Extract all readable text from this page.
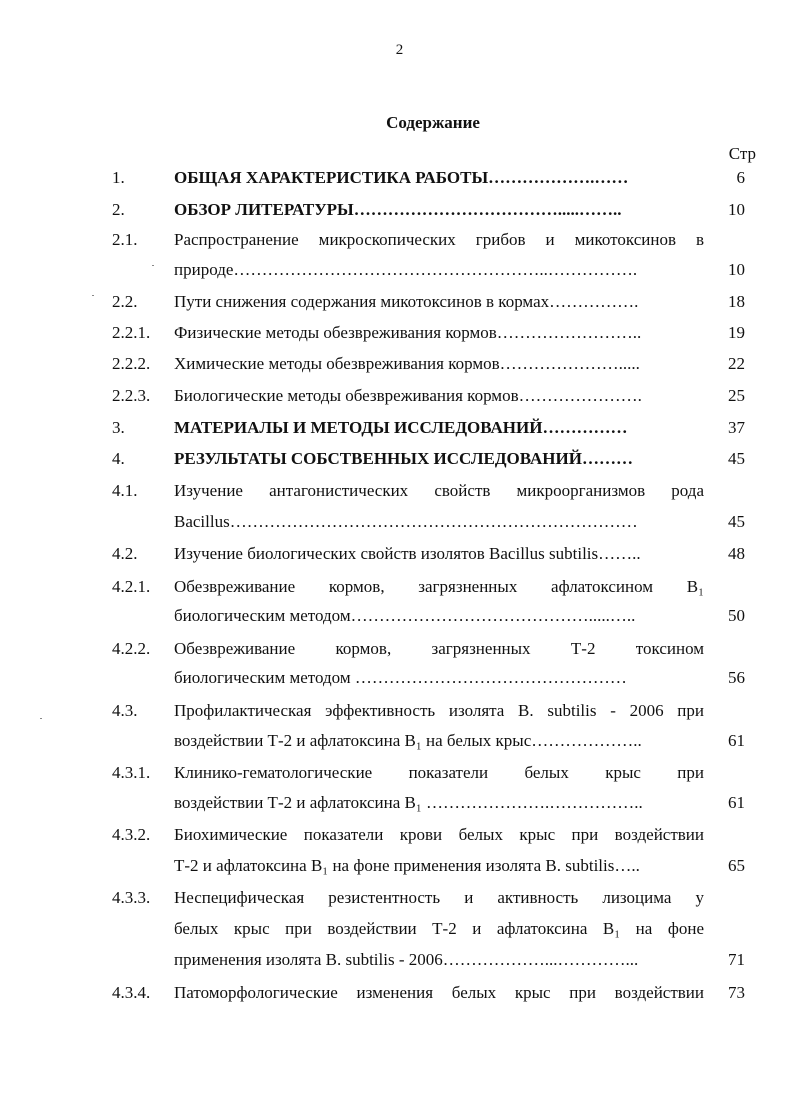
2
Содержание
Стр
1.	ОБЩАЯ ХАРАКТЕРИСТИКА РАБОТЫ……………….……	6
2.	ОБЗОР ЛИТЕРАТУРЫ……………………………….....……..	10
2.1. Распространение микроскопических грибов и микотоксинов в
природе………………………………………………..…………….	10
2.2. Пути снижения содержания микотоксинов в кормах…………….	18
2.2.1. Физические методы обезвреживания кормов……………………..	19
2.2.2. Химические методы обезвреживания кормов………………….....	22
2.2.3. Биологические методы обезвреживания кормов………………….	25
3.	МАТЕРИАЛЫ И МЕТОДЫ ИССЛЕДОВАНИЙ……………	37
4.	РЕЗУЛЬТАТЫ СОБСТВЕННЫХ ИССЛЕДОВАНИЙ………	45
4.1. Изучение антагонистических свойств микроорганизмов рода
Bacillus………………………………………………………………	45
4.2. Изучение биологических свойств изолятов Bacillus subtilis……..	48
4.2.1. Обезвреживание кормов, загрязненных афлатоксином В₁
биологическим методом…………………………………….....…..	50
4.2.2. Обезвреживание кормов, загрязненных Т-2 токсином
биологическим методом …………………………………………	56
4.3. Профилактическая эффективность изолята B. subtilis - 2006 при
воздействии Т-2 и афлатоксина В₁ на белых крыс………………..	61
4.3.1. Клинико-гематологические показатели белых крыс при
воздействии Т-2 и афлатоксина В₁ ………………….……………..	61
4.3.2. Биохимические показатели крови белых крыс при воздействии
Т-2 и афлатоксина В₁ на фоне применения изолята B. subtilis…..	65
4.3.3. Неспецифическая резистентность и активность лизоцима у
белых крыс при воздействии Т-2 и афлатоксина В₁ на фоне
применения изолята B. subtilis - 2006………………...…………...	71
4.3.4. Патоморфологические изменения белых крыс при воздействии	73
